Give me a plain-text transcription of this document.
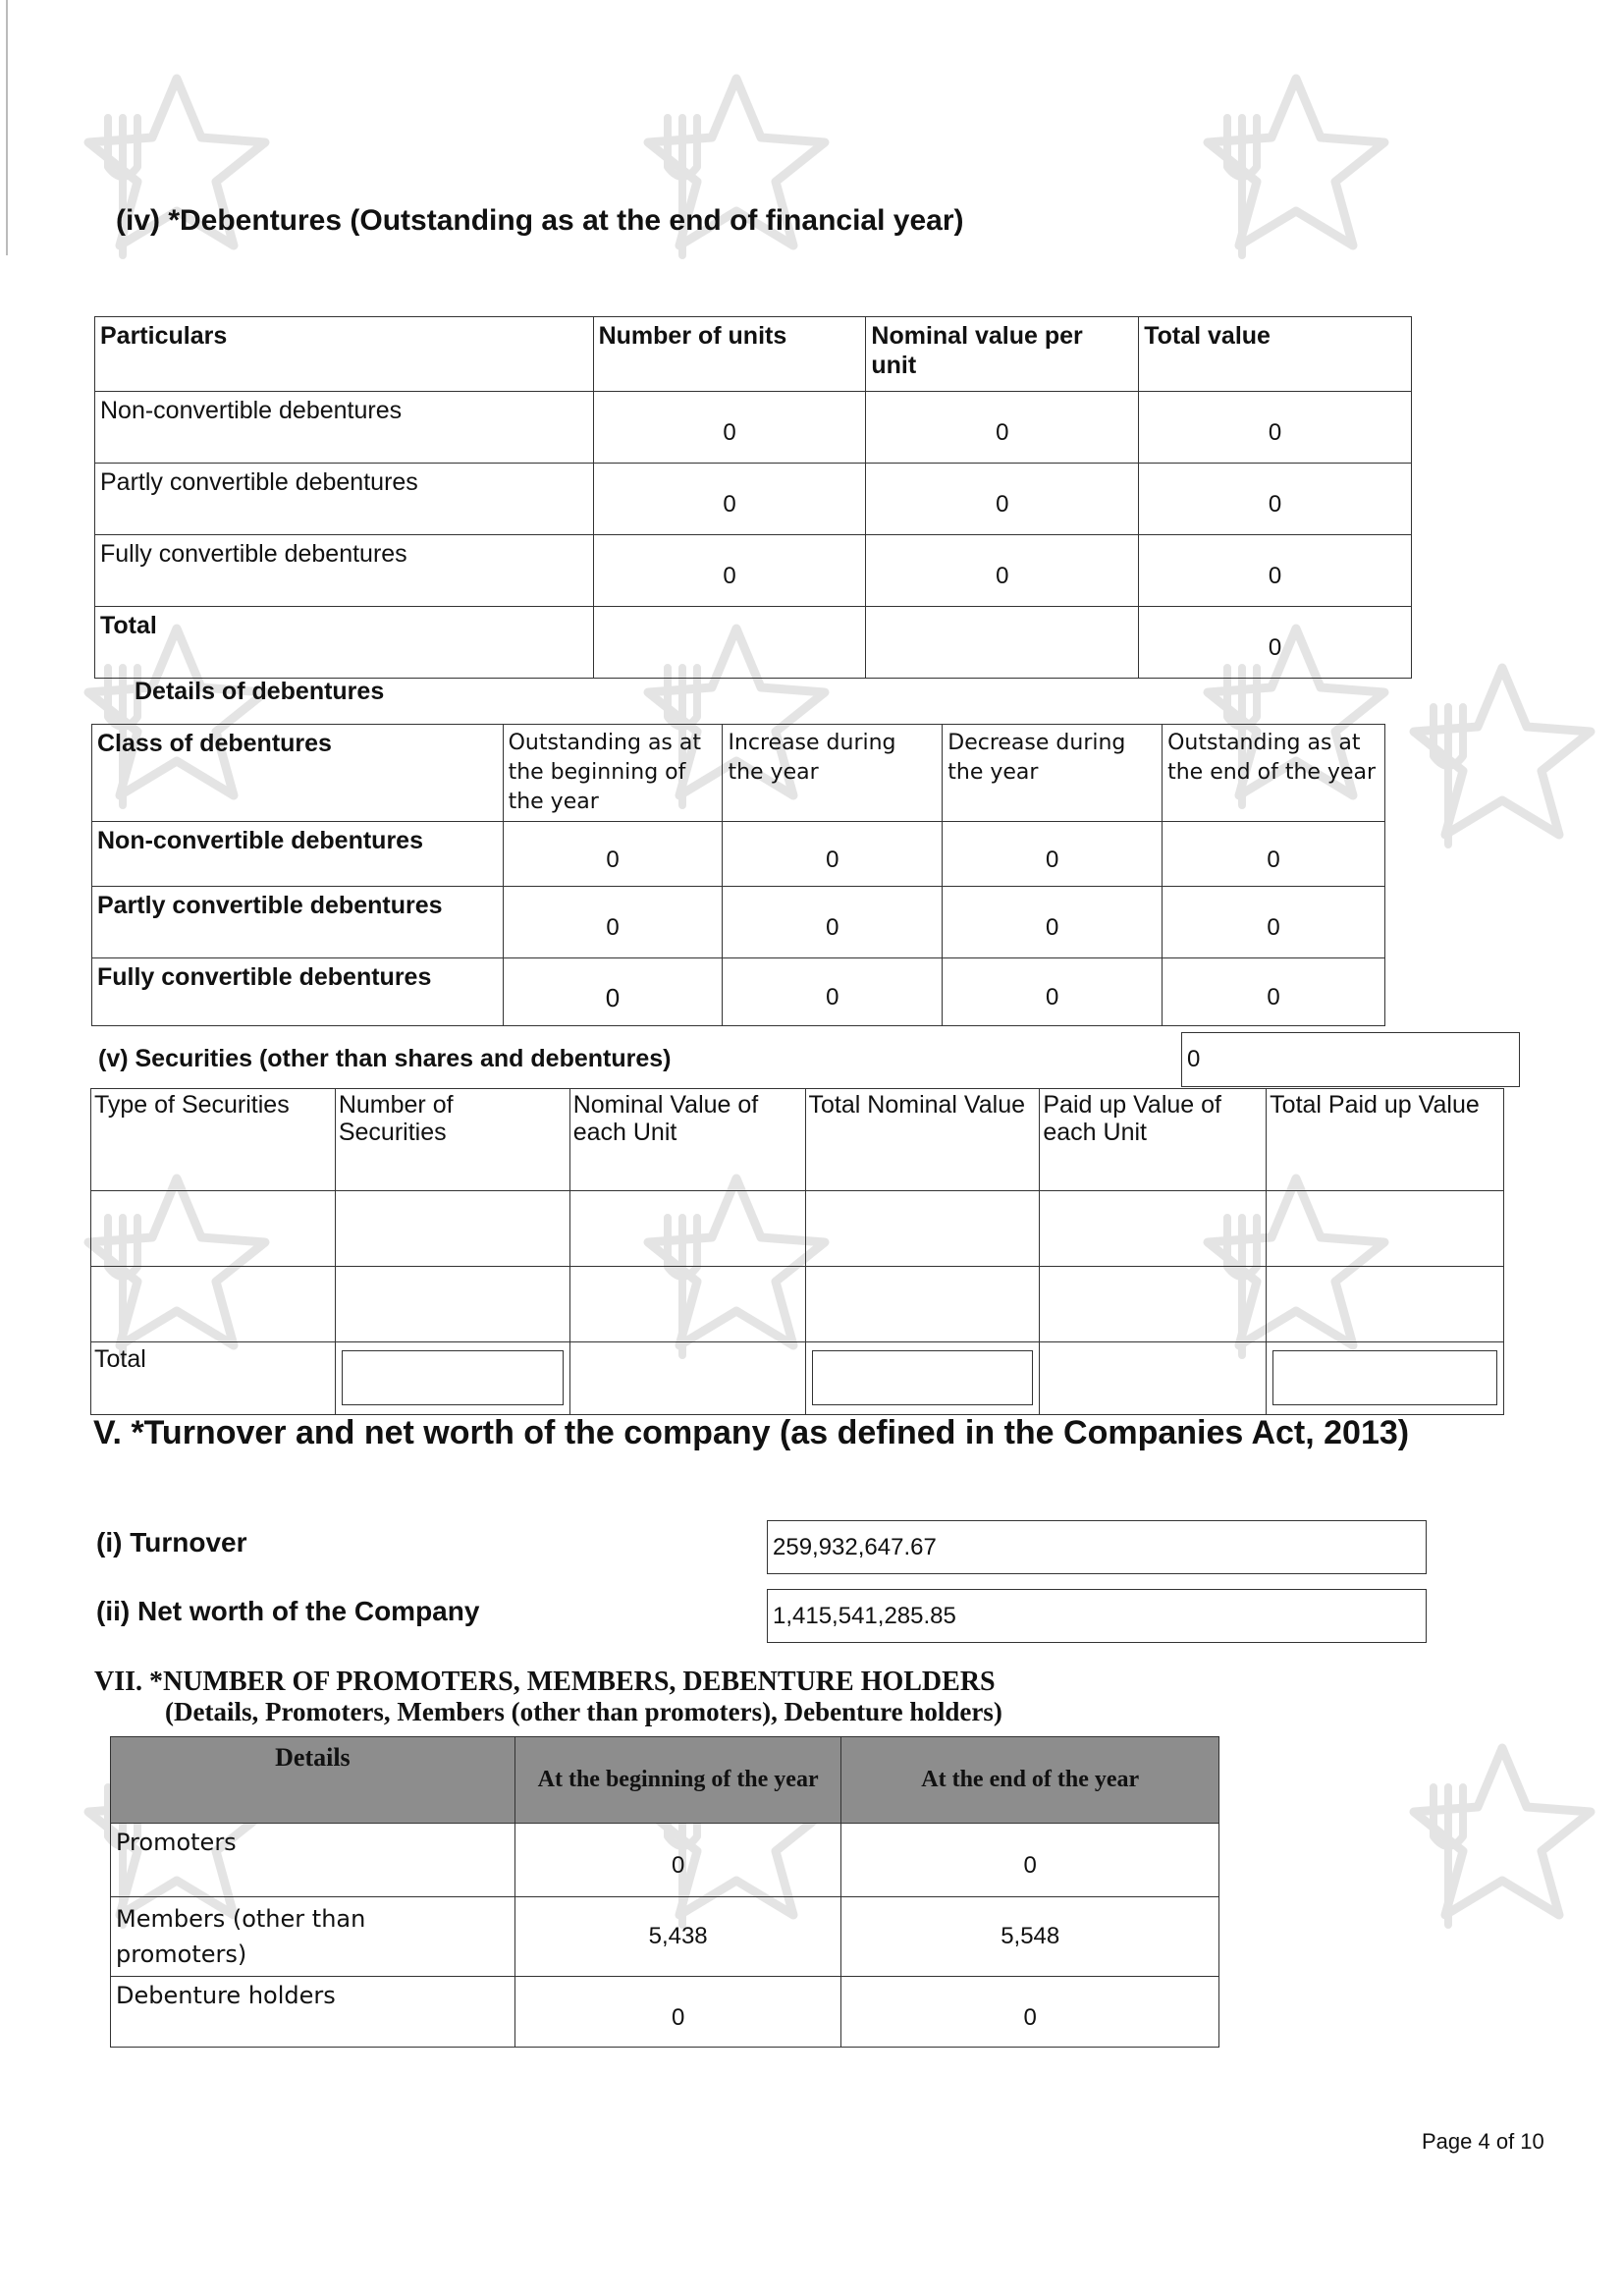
(iv) *Debentures (Outstanding as at the end of financial year)
Particulars	Number of units	Nominal value per unit	Total value

Non-convertible debentures	0	0	0

Partly convertible debentures	0	0	0

Fully convertible debentures	0	0	0

Total			0
Details of debentures
Class of debentures	Outstanding as at the beginning of the year	Increase during the year	Decrease during the year	Outstanding as at the end of the year

Non-convertible debentures	0	0	0	0

Partly convertible debentures	0	0	0	0

Fully convertible debentures	0	0	0	0
(v) Securities (other than shares and debentures)	0
Type of Securities	Number of Securities	Nominal Value of each Unit	Total Nominal Value	Paid up Value of each Unit	Total Paid up Value

Total					

V. *Turnover and net worth of the company (as defined in the Companies Act, 2013)
(i) Turnover	259,932,647.67
(ii) Net worth of the Company	1,415,541,285.85
VII. *NUMBER OF PROMOTERS, MEMBERS, DEBENTURE HOLDERS
(Details, Promoters, Members (other than promoters), Debenture holders)
Details	At the beginning of the year	At the end of the year

Promoters	0	0

Members (other than promoters)	5,438	5,548

Debenture holders	0	0
Page 4 of 10
